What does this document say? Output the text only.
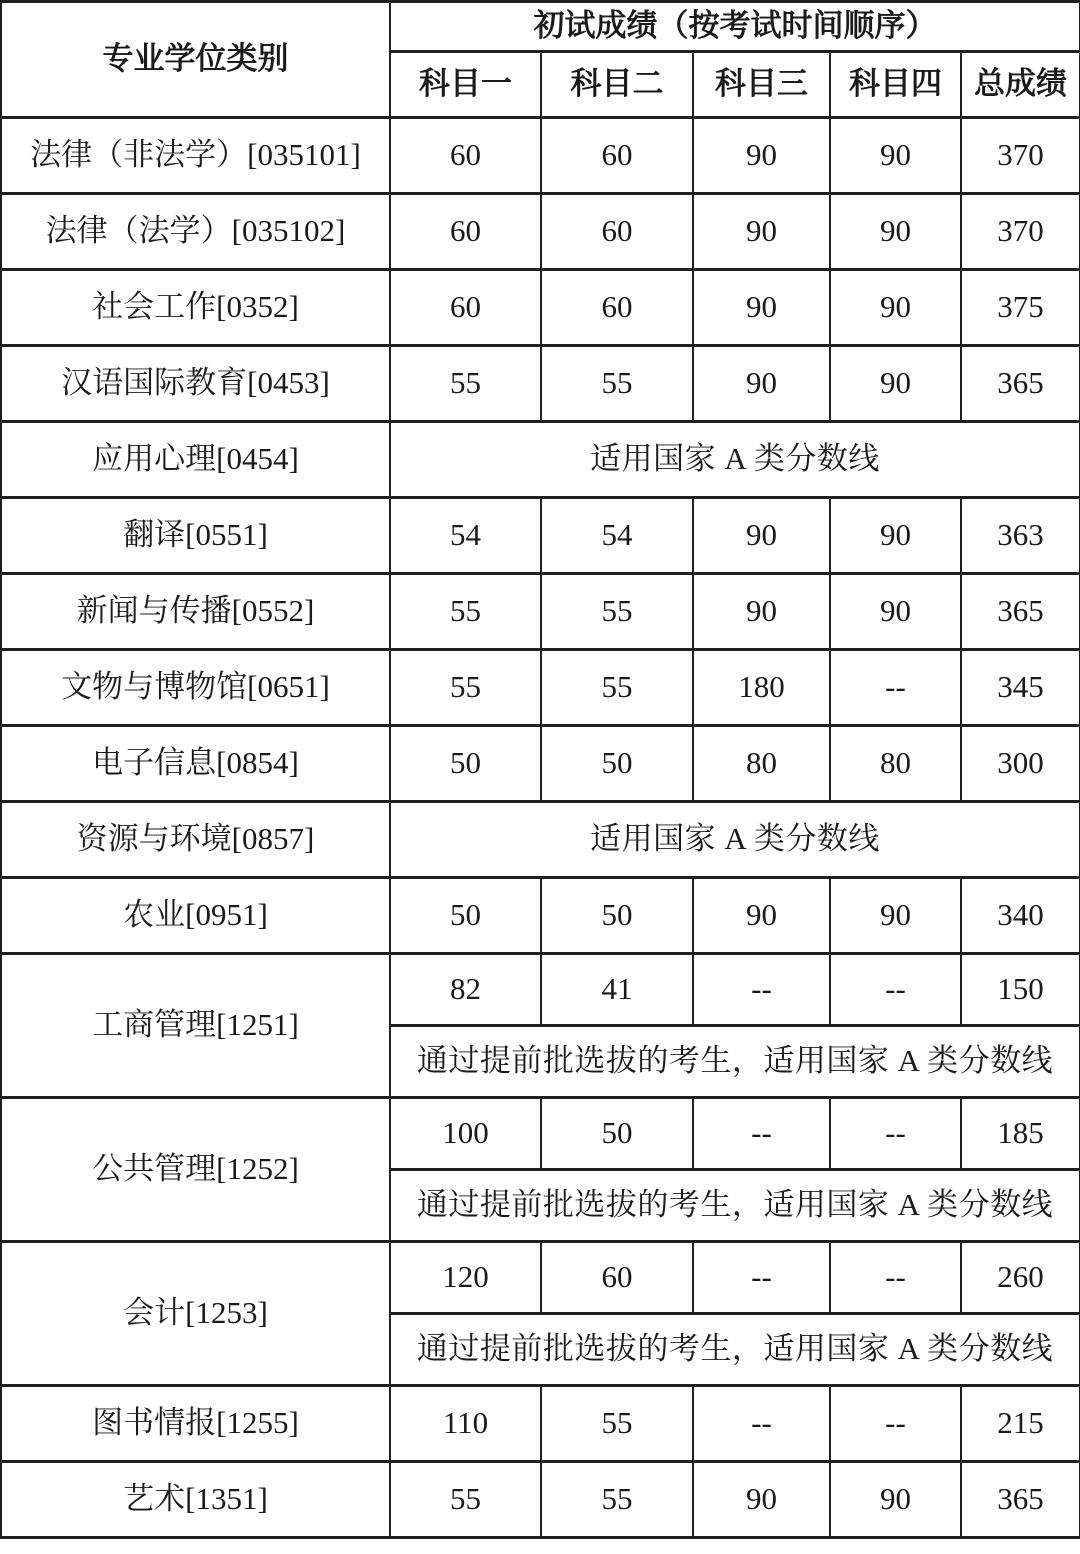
专业学位类别	初试成绩（按考试时间顺序）				
	科目一	科目二	科目三	科目四	总成绩
法律（非法学）[035101]	60	60	90	90	370
法律（法学）[035102]	60	60	90	90	370
社会工作[0352]	60	60	90	90	375
汉语国际教育[0453]	55	55	90	90	365
应用心理[0454]	适用国家 A 类分数线				
翻译[0551]	54	54	90	90	363
新闻与传播[0552]	55	55	90	90	365
文物与博物馆[0651]	55	55	180	--	345
电子信息[0854]	50	50	80	80	300
资源与环境[0857]	适用国家 A 类分数线				
农业[0951]	50	50	90	90	340
工商管理[1251]	82	41	--	--	150
	通过提前批选拔的考生，适用国家 A 类分数线				
公共管理[1252]	100	50	--	--	185
	通过提前批选拔的考生，适用国家 A 类分数线				
会计[1253]	120	60	--	--	260
	通过提前批选拔的考生，适用国家 A 类分数线				
图书情报[1255]	110	55	--	--	215
艺术[1351]	55	55	90	90	365
